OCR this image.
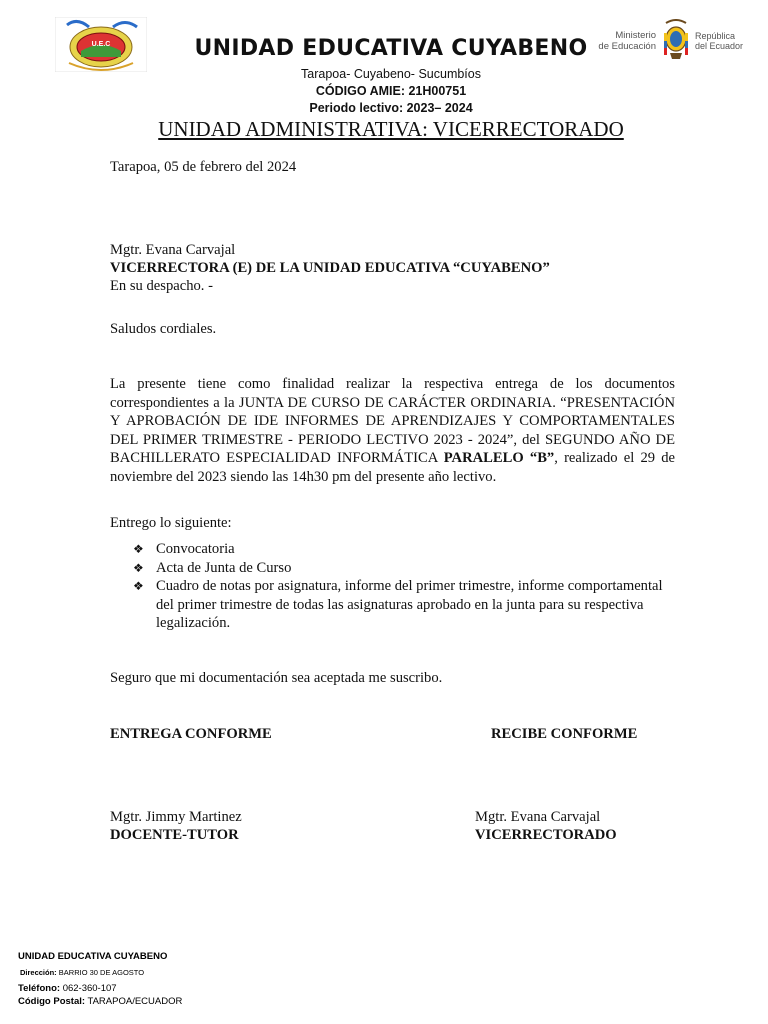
U.E.C	UNIDAD EDUCATIVA CUYABENO
Tarapoa- Cuyabeno- Sucumbíos
CÓDIGO AMIE: 21H00751
Periodo lectivo: 2023– 2024
Ministerio
de Educación
República
del Ecuador
UNIDAD ADMINISTRATIVA: VICERRECTORADO
Tarapoa, 05 de febrero del 2024
Mgtr. Evana Carvajal
VICERRECTORA (E) DE LA UNIDAD EDUCATIVA “CUYABENO”
En su despacho. -
Saludos cordiales.

La presente tiene como finalidad realizar la respectiva entrega de los documentos correspondientes a la JUNTA DE CURSO DE CARÁCTER ORDINARIA. “PRESENTACIÓN Y APROBACIÓN DE IDE INFORMES DE APRENDIZAJES Y COMPORTAMENTALES DEL PRIMER TRIMESTRE - PERIODO LECTIVO 2023 - 2024”, del SEGUNDO AÑO DE BACHILLERATO ESPECIALIDAD INFORMÁTICA PARALELO “B”, realizado el 29 de noviembre del 2023 siendo las 14h30 pm del presente año lectivo.

Entrego lo siguiente:
❖ Convocatoria
❖ Acta de Junta de Curso
❖ Cuadro de notas por asignatura, informe del primer trimestre, informe comportamental del primer trimestre de todas las asignaturas aprobado en la junta para su respectiva legalización.
Seguro que mi documentación sea aceptada me suscribo.
ENTREGA CONFORME	RECIBE CONFORME
Mgtr. Jimmy Martinez
DOCENTE-TUTOR
Mgtr. Evana Carvajal
VICERRECTORADO
UNIDAD EDUCATIVA CUYABENO
Dirección: BARRIO 30 DE AGOSTO
Teléfono: 062-360-107
Código Postal: TARAPOA/ECUADOR
